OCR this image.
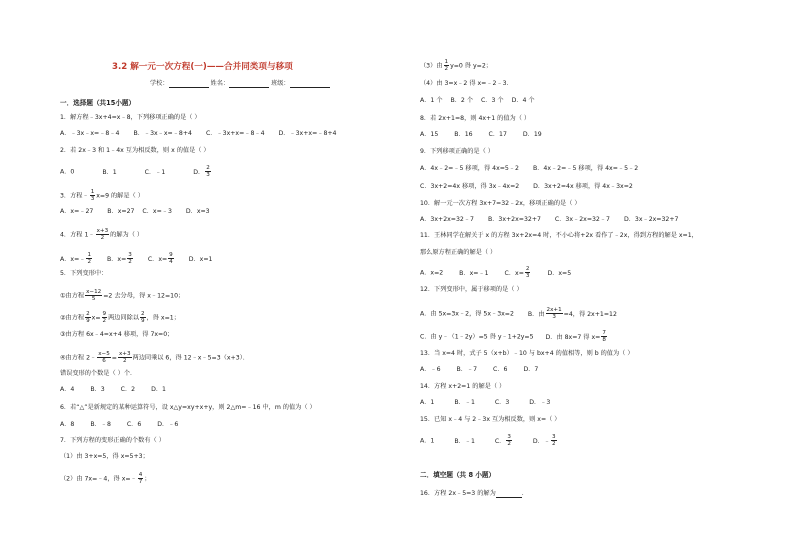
3.2 解一元一次方程(一)——合并同类项与移项
学校：	姓名：	班级：
一．选择题（共15小题）
1．解方程﹣3x+4=x﹣8，下列移项正确的是（ ）
A．﹣3x﹣x=﹣8﹣4 B．﹣3x﹣x=﹣8+4 C．﹣3x+x=﹣8﹣4 D．﹣3x+x=﹣8+4
2．若 2x﹣3 和 1﹣4x 互为相反数，则 x 的值是（ ）
A．0	B．1	C．﹣1	D． $\frac{2}{3}$
3．方程﹣ $\frac{1}{3} x=9$ 的解是（ ）
A．x=﹣27 B．x=27 C．x=﹣3 D．x=3
4．方程 1﹣ $\frac{x+3}{2}$ 的解为（ ）
A．x=﹣ $\frac{1}{2}$ B．$x= \frac{3}{2}$ C．$x= \frac{9}{4}$ D．x=1
5．下列变形中：
①由方程 $\frac{x-12}{5} =2$ 去分母，得 x﹣12=10；
②由方程 $\frac{2}{9} x= \frac{9}{2}$ 两边同除以 $\frac{2}{9}$ ，得 x=1；
③由方程 6x﹣4=x+4 移项，得 7x=0；
④由方程 2﹣ $\frac{x-5}{6} = \frac{x+3}{2}$ 两边同乘以 6，得 12﹣x﹣5=3（x+3）．
错误变形的个数是（ ）个．
A．4	B．3	C．2	D．1
6．若“△”是新规定的某种运算符号，设 x△y=xy+x+y，则 2△m=﹣16 中，m 的值为（ ）
A．8	B．﹣8	C．6	D．﹣6
7．下列方程的变形正确的个数有（ ）
（1）由 3+x=5，得 x=5+3；
（2）由 7x=﹣4，得 x=﹣ $\frac{4}{7}$ ；
（3）由 $\frac{1}{2} y=0$ 得 y=2；
（4）由 3=x﹣2 得 x=﹣2﹣3．
A．1 个 B．2 个 C．3 个 D．4 个
8．若 2x+1=8，则 4x+1 的值为（ ）
A．15	B．16	C．17	D．19
9．下列移项正确的是（ ）
A．4x﹣2=﹣5 移项，得 4x=5﹣2 B．4x﹣2=﹣5 移项，得 4x=﹣5﹣2
C．3x+2=4x 移项，得 3x﹣4x=2 D．3x+2=4x 移项，得 4x﹣3x=2
10．解一元一次方程 3x+7=32﹣2x，移项正确的是（ ）
A．3x+2x=32﹣7 B．3x+2x=32+7 C．3x﹣2x=32﹣7 D．3x﹣2x=32+7
11．王林同学在解关于 x 的方程 3x+2x=4 时，不小心将+2x 看作了﹣2x，得到方程的解是 x=1，
那么原方程正确的解是（ ）
A．x=2	B．x=﹣1	C．$x= \frac{2}{3}$	D．x=5
12．下列变形中，属于移项的是（ ）
A．由 5x=3x﹣2，得 5x﹣3x=2 B．由 $\frac{2x+1}{3} =4$，得 2x+1=12
C．由 y﹣（1﹣2y）=5 得 y﹣1+2y=5 D．由 8x=7 得 $x= \frac{7}{8}$
13．当 x=4 时，式子 5（x+b）﹣10 与 bx+4 的值相等，则 b 的值为（ ）
A．﹣6	B．﹣7	C．6	D．7
14．方程 x+2=1 的解是（ ）
A．1	B．﹣1	C．3	D．﹣3
15．已知 x﹣4 与 2﹣3x 互为相反数，则 x=（ ）
A．1	B．﹣1	C． $\frac{3}{2}$	D．﹣ $\frac{3}{2}$
二．填空题（共 8 小题）
16．方程 2x﹣5=3 的解为	．
